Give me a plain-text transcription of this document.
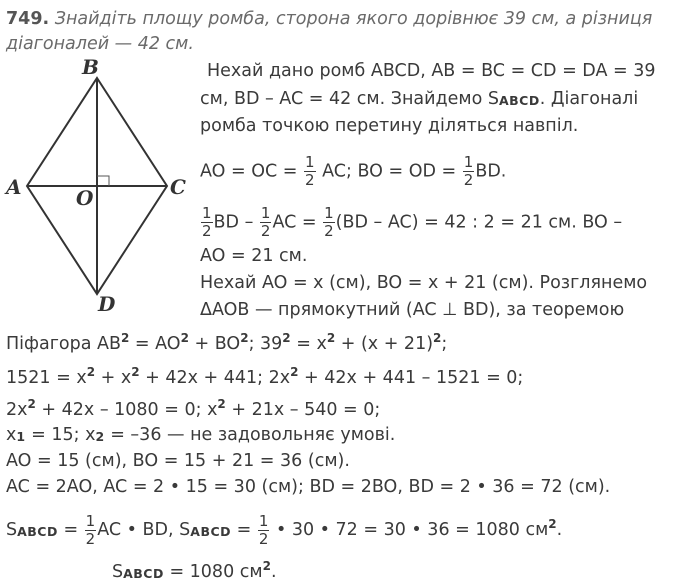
749. Знайдіть площу ромба, сторона якого дорівнює 39 см, а різниця
діагоналей — 42 см.
B
A	C
O
D
Нехай дано ромб ABCD, AB = BC = CD = DA = 39
см, BD – AC = 42 см. Знайдемо SABCD. Діагоналі
ромба точкою перетину діляться навпіл.
AO = OC = $\frac{1}{2}$ AC; BO = OD = $\frac{1}{2}$ BD.
$\frac{1}{2}$ BD – $\frac{1}{2}$ AC = $\frac{1}{2} (BD - AC) = 42$ : 2 = 21 см. BO –
AO = 21 см.
Нехай AO = x (см), BO = x + 21 (см). Розглянемо
ΔAOB — прямокутний (AC ⊥ BD), за теоремою
Піфагора $AB^2 = AO^2 + BO^2$; $39^2 = x^2 + (x + 21)^2$;
$1521 = x^2 + x^2 + 42x + 441$; $2x^2 + 42x + 441 - 1521 = 0$;
$2x^2 + 42x - 1080 = 0$; $x^2 + 21x - 540 = 0$;
x1 = 15; x2 = –36 — не задовольняє умові.
AO = 15 (см), BO = 15 + 21 = 36 (см).
AC = 2AO, AC = 2 • 15 = 30 (см); BD = 2BO, BD = 2 • 36 = 72 (см).
SABCD = $\frac{1}{2}$ AC • BD, SABCD = $\frac{1}{2}$ • 30 • 72 = 30 • 36 = 1080 $см^2$.
SABCD = 1080 $см^2$.
